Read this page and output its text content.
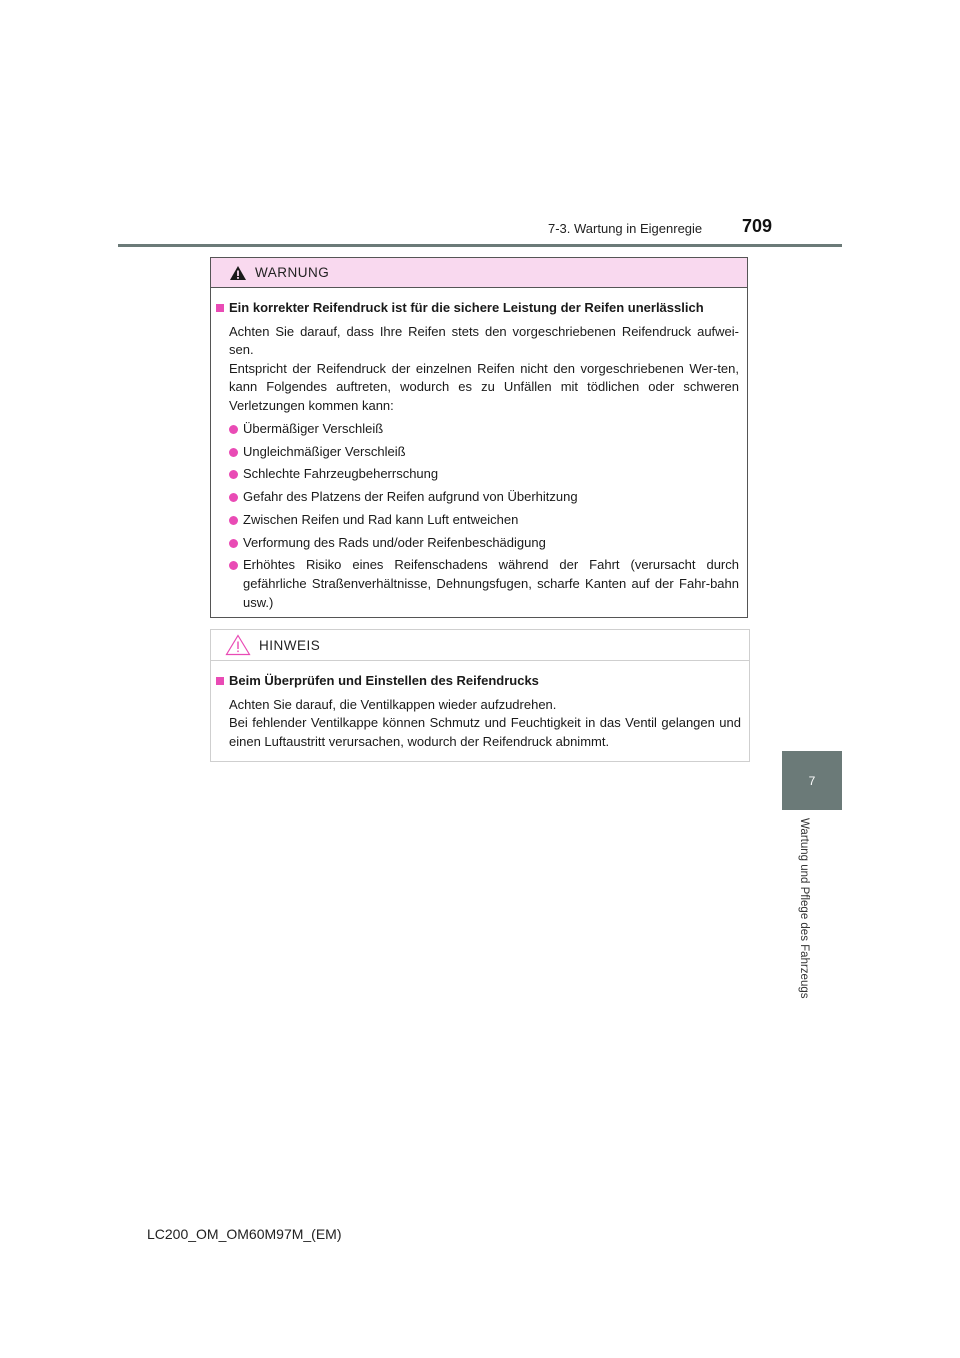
7-3. Wartung in Eigenregie 709
7
Wartung und Pflege des Fahrzeugs
WARNUNG
Ein korrekter Reifendruck ist für die sichere Leistung der Reifen unerlässlich

Achten Sie darauf, dass Ihre Reifen stets den vorgeschriebenen Reifendruck aufwei-sen.

Entspricht der Reifendruck der einzelnen Reifen nicht den vorgeschriebenen Wer-ten, kann Folgendes auftreten, wodurch es zu Unfällen mit tödlichen oder schweren Verletzungen kommen kann:

Übermäßiger Verschleiß
Ungleichmäßiger Verschleiß
Schlechte Fahrzeugbeherrschung
Gefahr des Platzens der Reifen aufgrund von Überhitzung
Zwischen Reifen und Rad kann Luft entweichen
Verformung des Rads und/oder Reifenbeschädigung
Erhöhtes Risiko eines Reifenschadens während der Fahrt (verursacht durch gefährliche Straßenverhältnisse, Dehnungsfugen, scharfe Kanten auf der Fahr-bahn usw.)
HINWEIS
Beim Überprüfen und Einstellen des Reifendrucks

Achten Sie darauf, die Ventilkappen wieder aufzudrehen.

Bei fehlender Ventilkappe können Schmutz und Feuchtigkeit in das Ventil gelangen und einen Luftaustritt verursachen, wodurch der Reifendruck abnimmt.

LC200_OM_OM60M97M_(EM)
